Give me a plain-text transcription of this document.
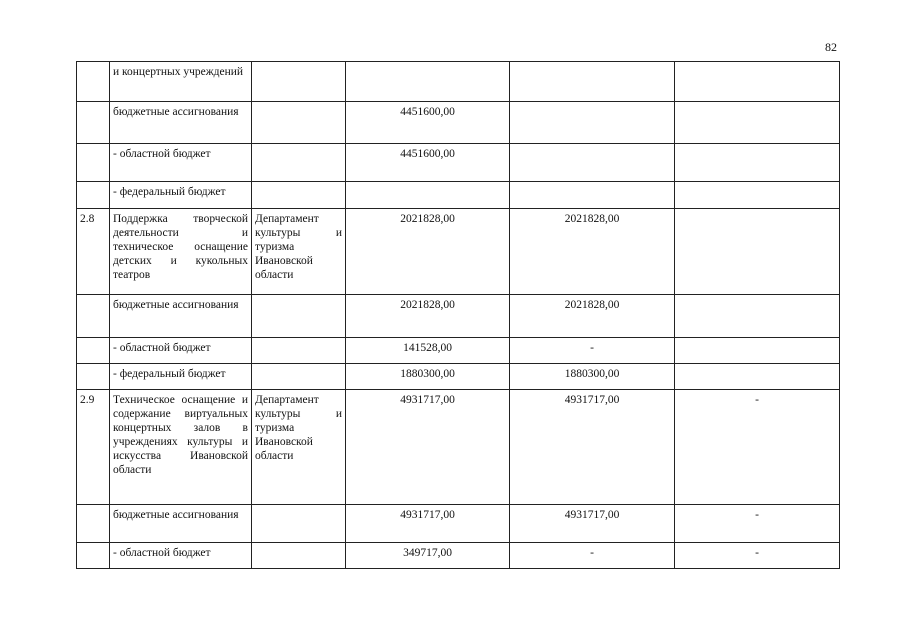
82
	и концертных учреждений				
	бюджетные ассигнования		4451600,00		
	- областной бюджет		4451600,00		
	- федеральный бюджет				
2.8	Поддержка творческой деятельности и техническое оснащение детских и кукольных театров	Департамент культуры и туризма Ивановской области	2021828,00	2021828,00	
	бюджетные ассигнования		2021828,00	2021828,00	
	- областной бюджет		141528,00	-	
	- федеральный бюджет		1880300,00	1880300,00	
2.9	Техническое оснащение и содержание виртуальных концертных залов в учреждениях культуры и искусства Ивановской области	Департамент культуры и туризма Ивановской области	4931717,00	4931717,00	-
	бюджетные ассигнования		4931717,00	4931717,00	-
	- областной бюджет		349717,00	-	-
